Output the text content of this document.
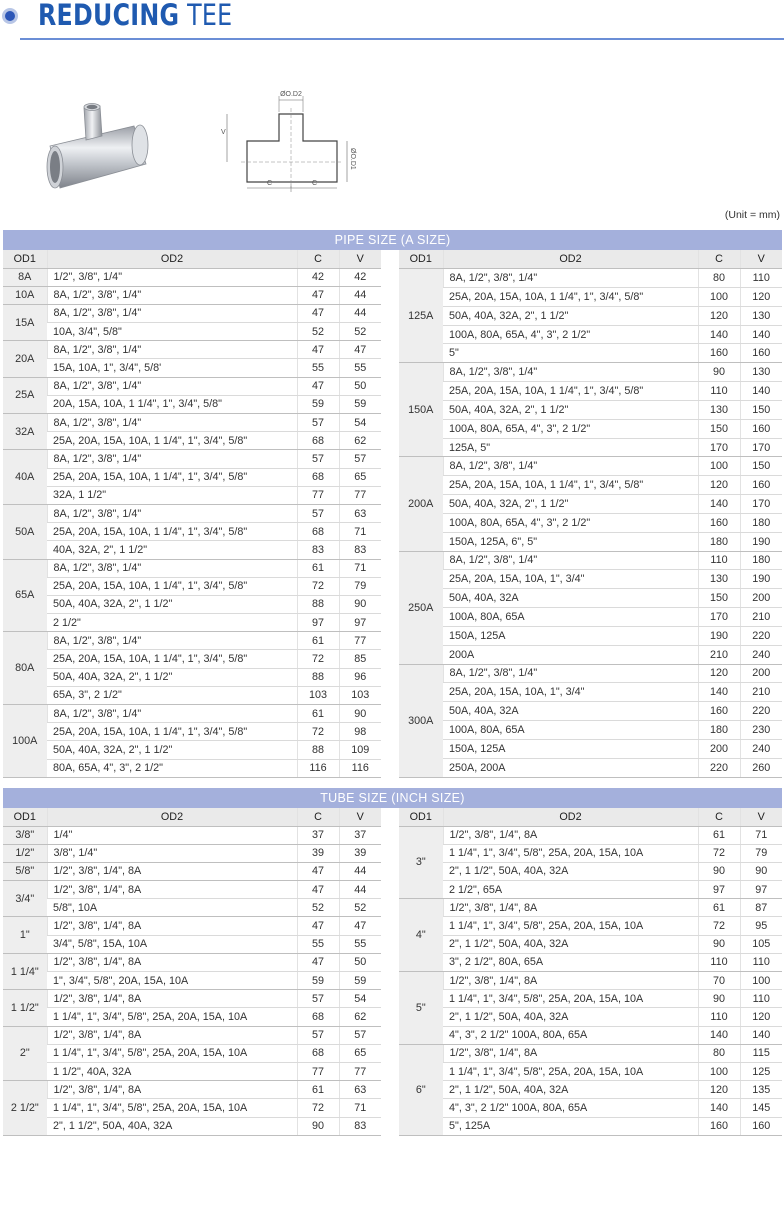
REDUCING TEE
ØO.D2
ØO.D1
V
C	C
(Unit = mm)
PIPE SIZE (A SIZE)
OD1	OD2	C	V
8A	1/2", 3/8", 1/4"	42	42
10A	8A, 1/2", 3/8", 1/4"	47	44
15A	8A, 1/2", 3/8", 1/4"	47	44
	10A, 3/4", 5/8"	52	52
20A	8A, 1/2", 3/8", 1/4"	47	47
	15A, 10A, 1", 3/4", 5/8'	55	55
25A	8A, 1/2", 3/8", 1/4"	47	50
	20A, 15A, 10A, 1 1/4", 1", 3/4", 5/8"	59	59
32A	8A, 1/2", 3/8", 1/4"	57	54
	25A, 20A, 15A, 10A, 1 1/4", 1", 3/4", 5/8"	68	62
40A	8A, 1/2", 3/8", 1/4"	57	57
	25A, 20A, 15A, 10A, 1 1/4", 1", 3/4", 5/8"	68	65
	32A, 1 1/2"	77	77
50A	8A, 1/2", 3/8", 1/4"	57	63
	25A, 20A, 15A, 10A, 1 1/4", 1", 3/4", 5/8"	68	71
	40A, 32A, 2", 1 1/2"	83	83
65A	8A, 1/2", 3/8", 1/4"	61	71
	25A, 20A, 15A, 10A, 1 1/4", 1", 3/4", 5/8"	72	79
	50A, 40A, 32A, 2", 1 1/2"	88	90
	2 1/2"	97	97
80A	8A, 1/2", 3/8", 1/4"	61	77
	25A, 20A, 15A, 10A, 1 1/4", 1", 3/4", 5/8"	72	85
	50A, 40A, 32A, 2", 1 1/2"	88	96
	65A, 3", 2 1/2"	103	103
100A	8A, 1/2", 3/8", 1/4"	61	90
	25A, 20A, 15A, 10A, 1 1/4", 1", 3/4", 5/8"	72	98
	50A, 40A, 32A, 2", 1 1/2"	88	109
	80A, 65A, 4", 3", 2 1/2"	116	116
OD1	OD2	C	V
125A	8A, 1/2", 3/8", 1/4"	80	110
	25A, 20A, 15A, 10A, 1 1/4", 1", 3/4", 5/8"	100	120
	50A, 40A, 32A, 2", 1 1/2"	120	130
	100A, 80A, 65A, 4", 3", 2 1/2"	140	140
	5"	160	160
150A	8A, 1/2", 3/8", 1/4"	90	130
	25A, 20A, 15A, 10A, 1 1/4", 1", 3/4", 5/8"	110	140
	50A, 40A, 32A, 2", 1 1/2"	130	150
	100A, 80A, 65A, 4", 3", 2 1/2"	150	160
	125A, 5"	170	170
200A	8A, 1/2", 3/8", 1/4"	100	150
	25A, 20A, 15A, 10A, 1 1/4", 1", 3/4", 5/8"	120	160
	50A, 40A, 32A, 2", 1 1/2"	140	170
	100A, 80A, 65A, 4", 3", 2 1/2"	160	180
	150A, 125A, 6", 5"	180	190
250A	8A, 1/2", 3/8", 1/4"	110	180
	25A, 20A, 15A, 10A, 1", 3/4"	130	190
	50A, 40A, 32A	150	200
	100A, 80A, 65A	170	210
	150A, 125A	190	220
	200A	210	240
300A	8A, 1/2", 3/8", 1/4"	120	200
	25A, 20A, 15A, 10A, 1", 3/4"	140	210
	50A, 40A, 32A	160	220
	100A, 80A, 65A	180	230
	150A, 125A	200	240
	250A, 200A	220	260
TUBE SIZE (INCH SIZE)
OD1	OD2	C	V
3/8"	1/4"	37	37
1/2"	3/8", 1/4"	39	39
5/8"	1/2", 3/8", 1/4", 8A	47	44
3/4"	1/2", 3/8", 1/4", 8A	47	44
	5/8", 10A	52	52
1"	1/2", 3/8", 1/4", 8A	47	47
	3/4", 5/8", 15A, 10A	55	55
1 1/4"	1/2", 3/8", 1/4", 8A	47	50
	1", 3/4", 5/8", 20A, 15A, 10A	59	59
1 1/2"	1/2", 3/8", 1/4", 8A	57	54
	1 1/4", 1", 3/4", 5/8", 25A, 20A, 15A, 10A	68	62
2"	1/2", 3/8", 1/4", 8A	57	57
	1 1/4", 1", 3/4", 5/8", 25A, 20A, 15A, 10A	68	65
	1 1/2", 40A, 32A	77	77
2 1/2"	1/2", 3/8", 1/4", 8A	61	63
	1 1/4", 1", 3/4", 5/8", 25A, 20A, 15A, 10A	72	71
	2", 1 1/2", 50A, 40A, 32A	90	83
OD1	OD2	C	V
3"	1/2", 3/8", 1/4", 8A	61	71
	1 1/4", 1", 3/4", 5/8", 25A, 20A, 15A, 10A	72	79
	2", 1 1/2", 50A, 40A, 32A	90	90
	2 1/2", 65A	97	97
4"	1/2", 3/8", 1/4", 8A	61	87
	1 1/4", 1", 3/4", 5/8", 25A, 20A, 15A, 10A	72	95
	2", 1 1/2", 50A, 40A, 32A	90	105
	3", 2 1/2", 80A, 65A	110	110
5"	1/2", 3/8", 1/4", 8A	70	100
	1 1/4", 1", 3/4", 5/8", 25A, 20A, 15A, 10A	90	110
	2", 1 1/2", 50A, 40A, 32A	110	120
	4", 3", 2 1/2" 100A, 80A, 65A	140	140
6"	1/2", 3/8", 1/4", 8A	80	115
	1 1/4", 1", 3/4", 5/8", 25A, 20A, 15A, 10A	100	125
	2", 1 1/2", 50A, 40A, 32A	120	135
	4", 3", 2 1/2" 100A, 80A, 65A	140	145
	5", 125A	160	160
